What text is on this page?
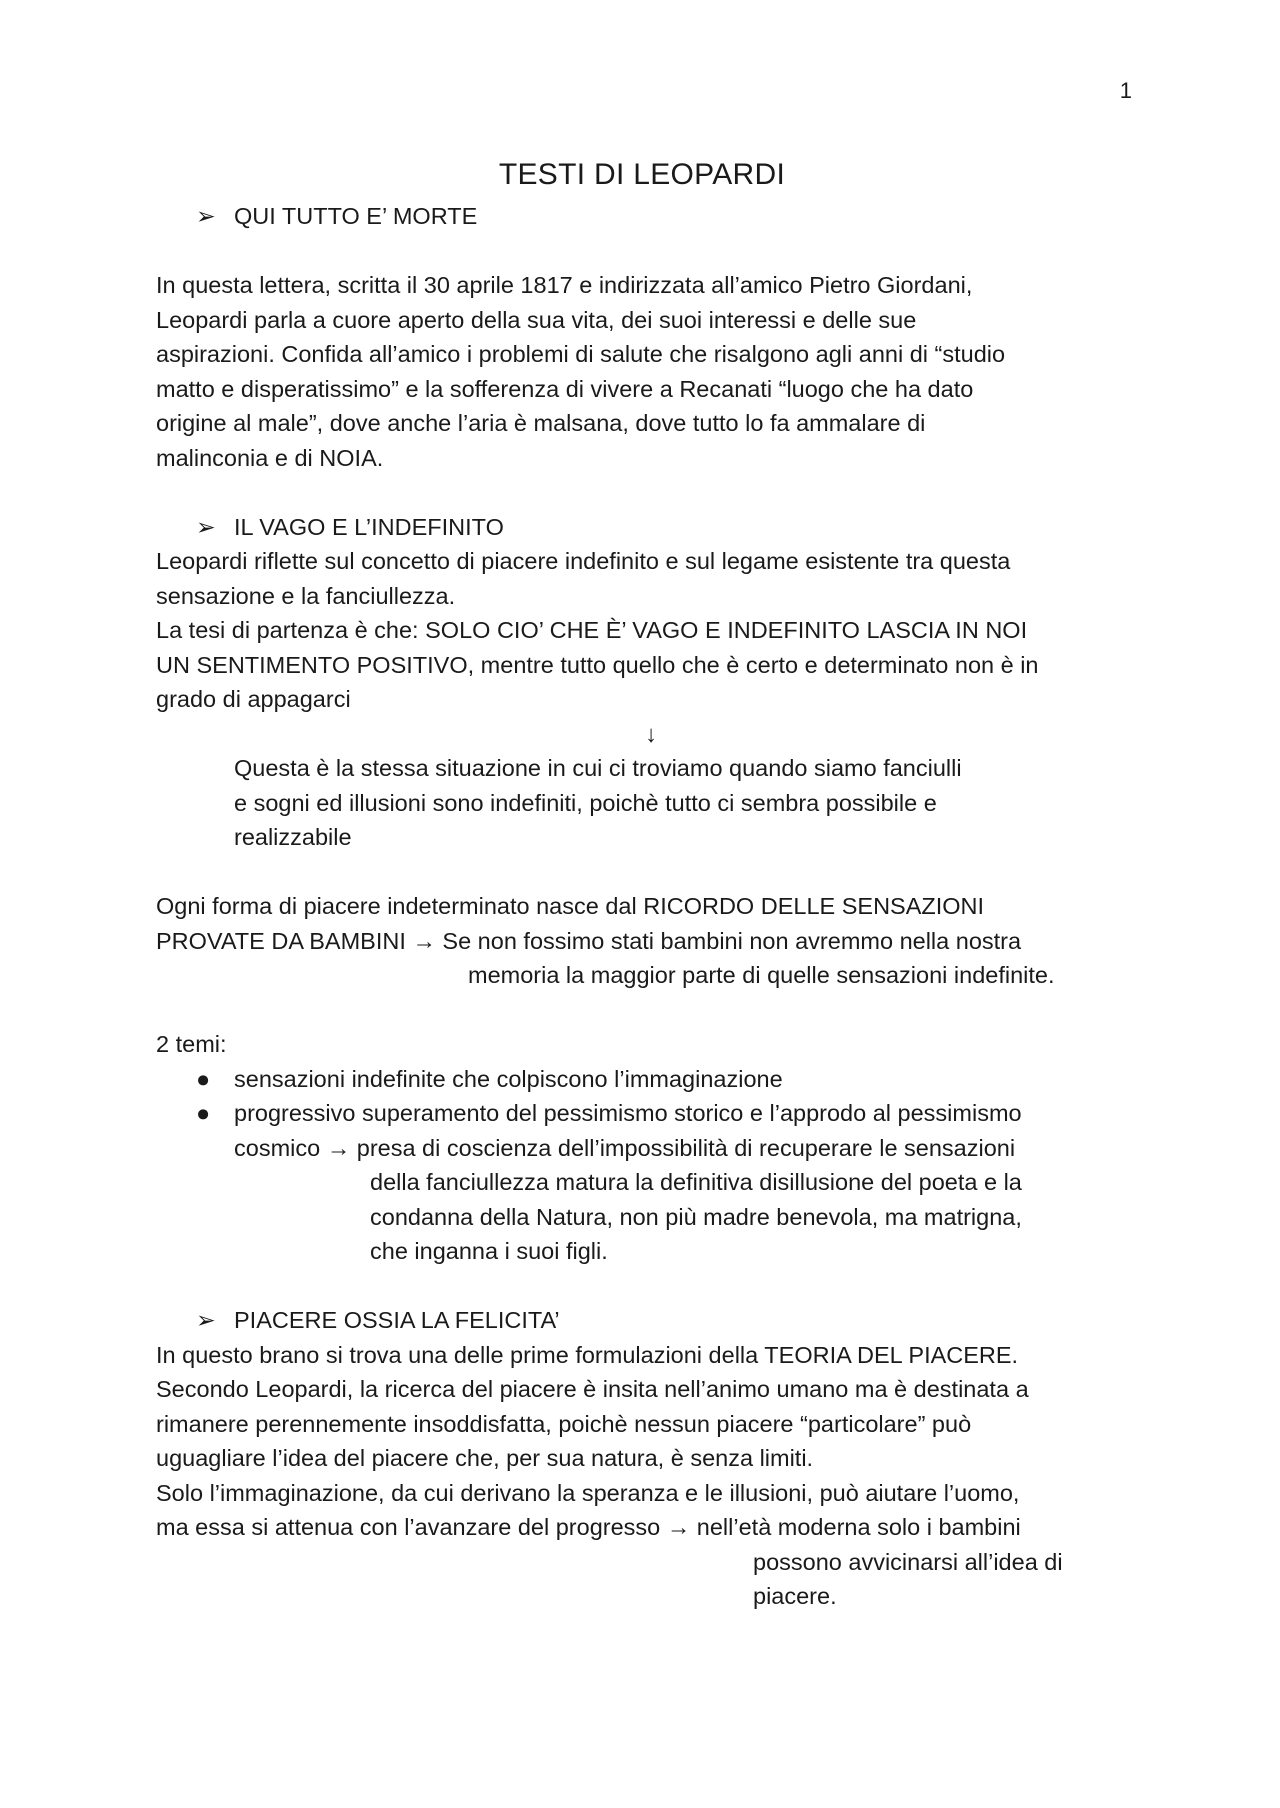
1
TESTI DI LEOPARDI

➢ QUI TUTTO E’ MORTE

In questa lettera, scritta il 30 aprile 1817 e indirizzata all’amico Pietro Giordani,

Leopardi parla a cuore aperto della sua vita, dei suoi interessi e delle sue

aspirazioni. Confida all’amico i problemi di salute che risalgono agli anni di “studio

matto e disperatissimo” e la sofferenza di vivere a Recanati “luogo che ha dato

origine al male”, dove anche l’aria è malsana, dove tutto lo fa ammalare di

malinconia e di NOIA.

➢ IL VAGO E L’INDEFINITO

Leopardi riflette sul concetto di piacere indefinito e sul legame esistente tra questa

sensazione e la fanciullezza.

La tesi di partenza è che: SOLO CIO’ CHE È’ VAGO E INDEFINITO LASCIA IN NOI

UN SENTIMENTO POSITIVO, mentre tutto quello che è certo e determinato non è in

grado di appagarci

↓

Questa è la stessa situazione in cui ci troviamo quando siamo fanciulli

e sogni ed illusioni sono indefiniti, poichè tutto ci sembra possibile e

realizzabile

Ogni forma di piacere indeterminato nasce dal RICORDO DELLE SENSAZIONI

PROVATE DA BAMBINI → Se non fossimo stati bambini non avremmo nella nostra

memoria la maggior parte di quelle sensazioni indefinite.

2 temi:

●	sensazioni indefinite che colpiscono l’immaginazione
●	progressivo superamento del pessimismo storico e l’approdo al pessimismo

cosmico → presa di coscienza dell’impossibilità di recuperare le sensazioni

della fanciullezza matura la definitiva disillusione del poeta e la

condanna della Natura, non più madre benevola, ma matrigna,

che inganna i suoi figli.

➢ PIACERE OSSIA LA FELICITA’

In questo brano si trova una delle prime formulazioni della TEORIA DEL PIACERE.

Secondo Leopardi, la ricerca del piacere è insita nell’animo umano ma è destinata a

rimanere perennemente insoddisfatta, poichè nessun piacere “particolare” può

uguagliare l’idea del piacere che, per sua natura, è senza limiti.

Solo l’immaginazione, da cui derivano la speranza e le illusioni, può aiutare l’uomo,

ma essa si attenua con l’avanzare del progresso → nell’età moderna solo i bambini

possono avvicinarsi all’idea di

piacere.
